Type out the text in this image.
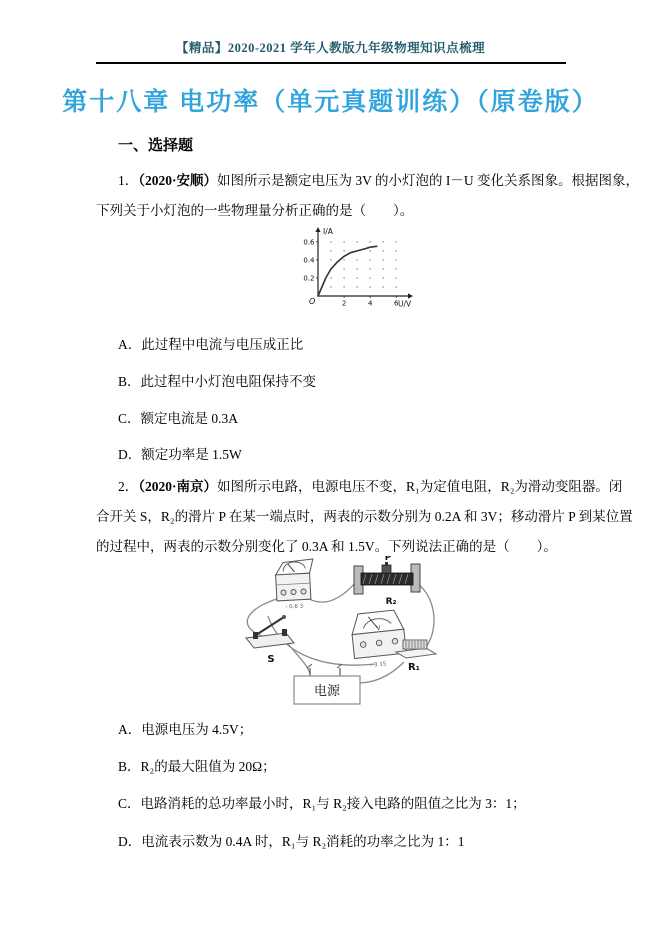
【精品】2020-2021 学年人教版九年级物理知识点梳理
第十八章 电功率（单元真题训练）（原卷版）
一、选择题
1．（2020·安顺）如图所示是额定电压为 3V 的小灯泡的 I－U 变化关系图象。根据图象，
下列关于小灯泡的一些物理量分析正确的是（　　）。
I/A
U/V
O	2	4	6
0.2
0.4
0.6
A．此过程中电流与电压成正比
B．此过程中小灯泡电阻保持不变
C．额定电流是 0.3A
D．额定功率是 1.5W
2．（2020·南京）如图所示电路，电源电压不变，R₁为定值电阻，R₂为滑动变阻器。闭
合开关 S，R₂的滑片 P 在某一端点时，两表的示数分别为 0.2A 和 3V；移动滑片 P 到某位置
的过程中，两表的示数分别变化了 0.3A 和 1.5V。下列说法正确的是（　　）。
- 0.6 3
P
R₂
V
- 3 15
S
R₁
电源
A．电源电压为 4.5V；
B．R₂的最大阻值为 20Ω；
C．电路消耗的总功率最小时，R₁与 R₂接入电路的阻值之比为 3：1；
D．电流表示数为 0.4A 时，R₁与 R₂消耗的功率之比为 1：1
